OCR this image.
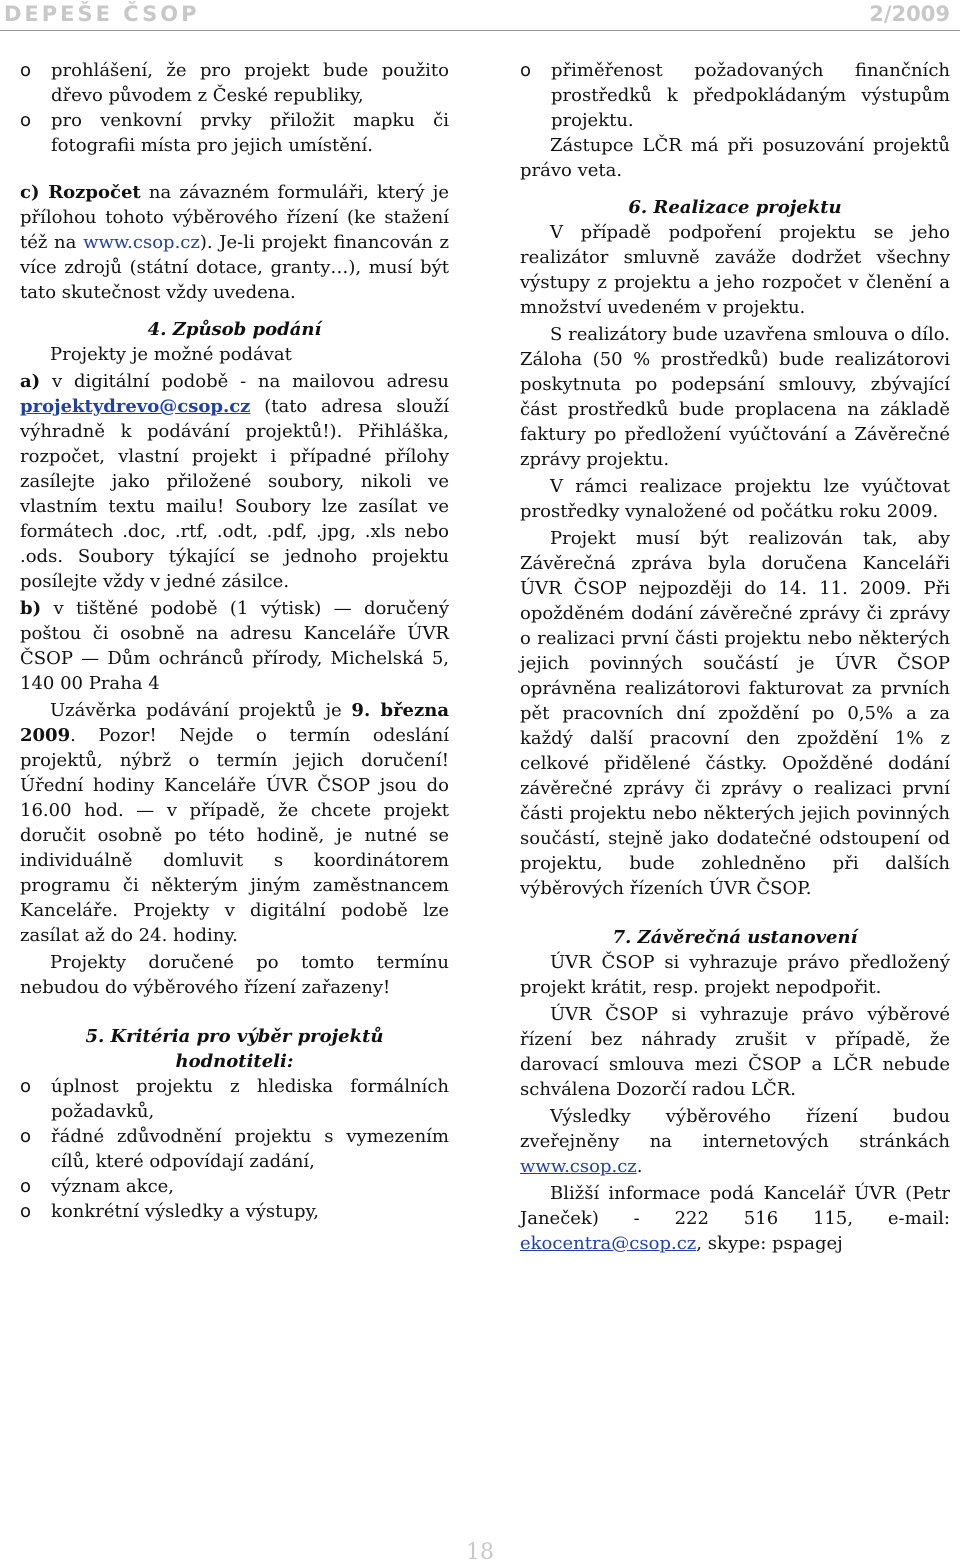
DEPEŠE ČSOP	2/2009

o prohlášení, že pro projekt bude použito dřevo původem z České republiky,

o pro venkovní prvky přiložit mapku či fotografii místa pro jejich umístění.

c) Rozpočet na závazném formuláři, který je přílohou tohoto výběrového řízení (ke stažení též na www.csop.cz). Je-li projekt financován z více zdrojů (státní dotace, granty…), musí být tato skutečnost vždy uvedena.

4. Způsob podání

Projekty je možné podávat

a) v digitální podobě - na mailovou adresu projektydrevo@csop.cz (tato adresa slouží výhradně k podávání projektů!). Přihláška, rozpočet, vlastní projekt i případné přílohy zasílejte jako přiložené soubory, nikoli ve vlastním textu mailu! Soubory lze zasílat ve formátech .doc, .rtf, .odt, .pdf, .jpg, .xls nebo .ods. Soubory týkající se jednoho projektu posílejte vždy v jedné zásilce.

b) v tištěné podobě (1 výtisk) — doručený poštou či osobně na adresu Kanceláře ÚVR ČSOP — Dům ochránců přírody, Michelská 5, 140 00 Praha 4

Uzávěrka podávání projektů je 9. března 2009. Pozor! Nejde o termín odeslání projektů, nýbrž o termín jejich doručení! Úřední hodiny Kanceláře ÚVR ČSOP jsou do 16.00 hod. — v případě, že chcete projekt doručit osobně po této hodině, je nutné se individuálně domluvit s koordinátorem programu či některým jiným zaměstnancem Kanceláře. Projekty v digitální podobě lze zasílat až do 24. hodiny.

Projekty doručené po tomto termínu nebudou do výběrového řízení zařazeny!

5. Kritéria pro výběr projektů hodnotiteli:

o úplnost projektu z hlediska formálních požadavků,

o řádné zdůvodnění projektu s vymezením cílů, které odpovídají zadání,

o význam akce,

o konkrétní výsledky a výstupy,

o přiměřenost požadovaných finančních prostředků k předpokládaným výstupům projektu.

Zástupce LČR má při posuzování projektů právo veta.

6. Realizace projektu

V případě podpoření projektu se jeho realizátor smluvně zaváže dodržet všechny výstupy z projektu a jeho rozpočet v členění a množství uvedeném v projektu.

S realizátory bude uzavřena smlouva o dílo. Záloha (50 % prostředků) bude realizátorovi poskytnuta po podepsání smlouvy, zbývající část prostředků bude proplacena na základě faktury po předložení vyúčtování a Závěrečné zprávy projektu.

V rámci realizace projektu lze vyúčtovat prostředky vynaložené od počátku roku 2009.

Projekt musí být realizován tak, aby Závěrečná zpráva byla doručena Kanceláři ÚVR ČSOP nejpozději do 14. 11. 2009. Při opožděném dodání závěrečné zprávy či zprávy o realizaci první části projektu nebo některých jejich povinných součástí je ÚVR ČSOP oprávněna realizátorovi fakturovat za prvních pět pracovních dní zpoždění po 0,5% a za každý další pracovní den zpoždění 1% z celkové přidělené částky. Opožděné dodání závěrečné zprávy či zprávy o realizaci první části projektu nebo některých jejich povinných součástí, stejně jako dodatečné odstoupení od projektu, bude zohledněno při dalších výběrových řízeních ÚVR ČSOP.

7. Závěrečná ustanovení

ÚVR ČSOP si vyhrazuje právo předložený projekt krátit, resp. projekt nepodpořit.

ÚVR ČSOP si vyhrazuje právo výběrové řízení bez náhrady zrušit v případě, že darovací smlouva mezi ČSOP a LČR nebude schválena Dozorčí radou LČR.

Výsledky výběrového řízení budou zveřejněny na internetových stránkách www.csop.cz.

Bližší informace podá Kancelář ÚVR (Petr Janeček) - 222 516 115, e-mail: ekocentra@csop.cz, skype: pspagej

18
